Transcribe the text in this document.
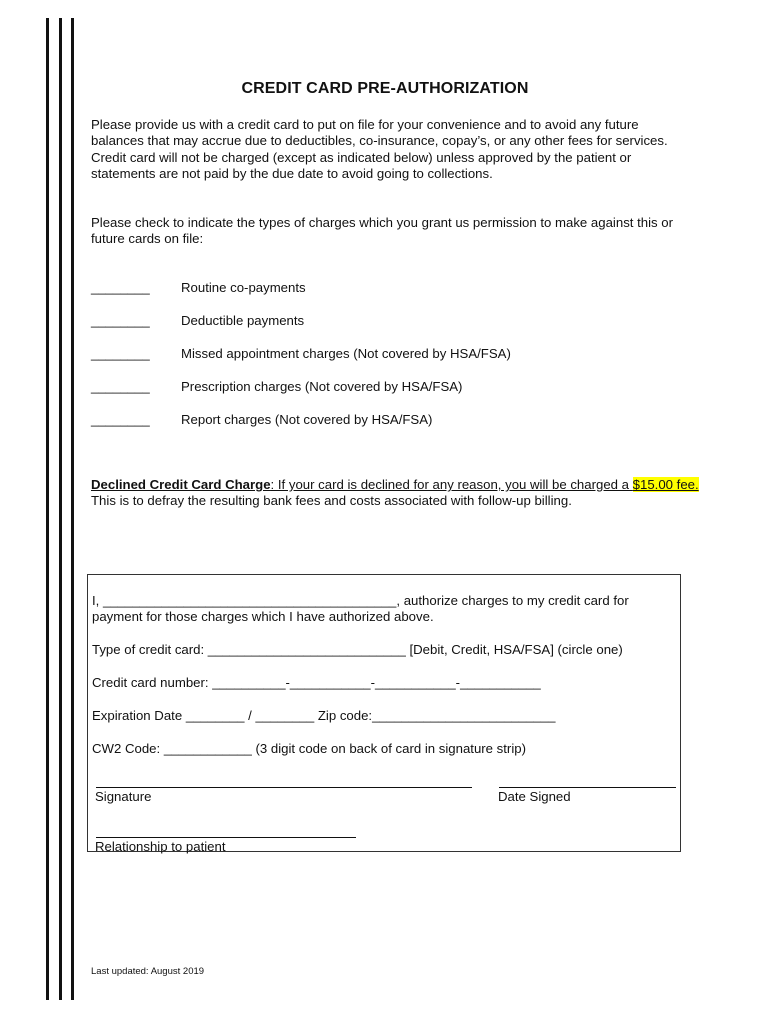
CREDIT CARD PRE-AUTHORIZATION
Please provide us with a credit card to put on file for your convenience and to avoid any future balances that may accrue due to deductibles, co-insurance, copay’s, or any other fees for services. Credit card will not be charged (except as indicated below) unless approved by the patient or statements are not paid by the due date to avoid going to collections.
Please check to indicate the types of charges which you grant us permission to make against this or future cards on file:
________ Routine co-payments
________ Deductible payments
________ Missed appointment charges (Not covered by HSA/FSA)
________ Prescription charges (Not covered by HSA/FSA)
________ Report charges (Not covered by HSA/FSA)
Declined Credit Card Charge: If your card is declined for any reason, you will be charged a $15.00 fee. This is to defray the resulting bank fees and costs associated with follow-up billing.
I, ________________________________________, authorize charges to my credit card for
payment for those charges which I have authorized above.
Type of credit card: ___________________________ [Debit, Credit, HSA/FSA] (circle one)
Credit card number: __________-___________-___________-___________
Expiration Date ________ / ________ Zip code:_________________________
CW2 Code: ____________ (3 digit code on back of card in signature strip)
Signature	Date Signed
Relationship to patient
Last updated: August 2019
